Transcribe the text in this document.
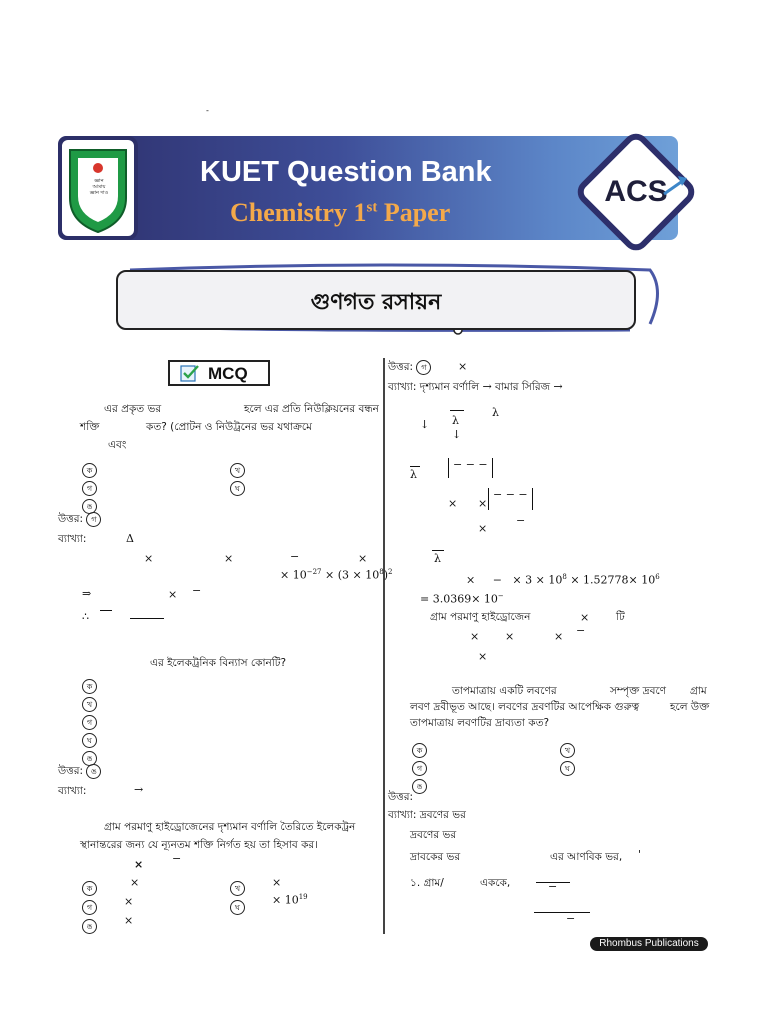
-
জ্ঞান
আমায়
জ্ঞান দাও
KUET Question Bank
Chemistry 1st Paper
ACS
গুণগত রসায়ন
MCQ
এর প্রকৃত ভর	হলে এর প্রতি নিউক্লিয়নের বন্ধন
শক্তি	কত? (প্রোটন ও নিউট্রনের ভর যথাক্রমে
এবং
ক	খ
গ	ঘ
ঙ
উত্তর: গ
ব্যাখ্যা:	Δ
×	×	−	×
× $10^{-27} \times (3 \times 10^8)^2$
⇒	× −
∴
এর ইলেকট্রনিক বিন্যাস কোনটি?
ক
খ
গ
ঘ
ঙ
উত্তর: ঙ
ব্যাখ্যা:	→
গ্রাম পরমাণু হাইড্রোজেনের দৃশ্যমান বর্ণালি তৈরিতে ইলেকট্রন
স্থানান্তরের জন্য যে ন্যূনতম শক্তি নির্গত হয় তা হিসাব কর।
×	−
ক	×	খ	×
গ	×	ঘ
× $10^{19}$
ঙ	×
উত্তর: গ	×
ব্যাখ্যা: দৃশ্যমান বর্ণালি → বামার সিরিজ →
λ
↓ λ
↓
λ
− − −
× ×
− − −
×
−
λ
× − × $3 \times 10^8 \times 1.52778\times 10^6$
= 3.0369× 10−
গ্রাম পরমাণু হাইড্রোজেন	×	টি
× ×	× −
×
তাপমাত্রায় একটি লবণের	সম্পৃক্ত দ্রবণে গ্রাম
লবণ দ্রবীভূত আছে। লবণের দ্রবণটির আপেক্ষিক গুরুত্ব	হলে উক্ত
তাপমাত্রায় লবণটির দ্রাব্যতা কত?
ক	খ
গ	ঘ
ঙ
উত্তর:
ব্যাখ্যা: দ্রবণের ভর
দ্রবণের ভর
দ্রাবকের ভর	এর আণবিক ভর, '
১. গ্রাম/	এককে,	−
−
Rhombus Publications
